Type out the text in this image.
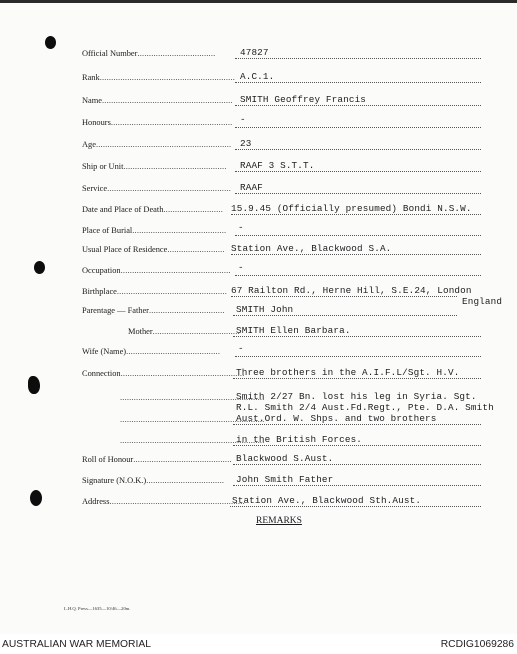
Official Number..................................	47827
Rank........................................................... A.C.1.
Name......................................................... SMITH Geoffrey Francis
Honours..................................................... -
Age........................................................... 23
Ship or Unit............................................. RAAF 3 S.T.T.
Service...................................................... RAAF
Date and Place of Death.......................... 15.9.45 (Officially presumed) Bondi N.S.W.
Place of Burial......................................... -
Usual Place of Residence......................... Station Ave., Blackwood S.A.
Occupation................................................ -
Birthplace................................................ 67 Railton Rd., Herne Hill, S.E.24, London
England
Parentage — Father................................. SMITH John
Mother......................................
SMITH Ellen Barbara.
Wife (Name)......................................... -
Connection......................................................
Three brothers in the A.I.F.L/Sgt. H.V.
...............................................................
Smith 2/27 Bn. lost his leg in Syria. Sgt.
R.L. Smith 2/4 Aust.Fd.Regt., Pte. D.A. Smith
...............................................................
Aust.Ord. W. Shps. and two brothers
...............................................................
in the British Forces.
Roll of Honour........................................... Blackwood S.Aust.
Signature (N.O.K.).................................. John Smith Father
Address...........................................................
Station Ave., Blackwood Sth.Aust.
REMARKS
L.H.Q. Press—1635—10/46—20m.
AUSTRALIAN WAR MEMORIAL	RCDIG1069286
